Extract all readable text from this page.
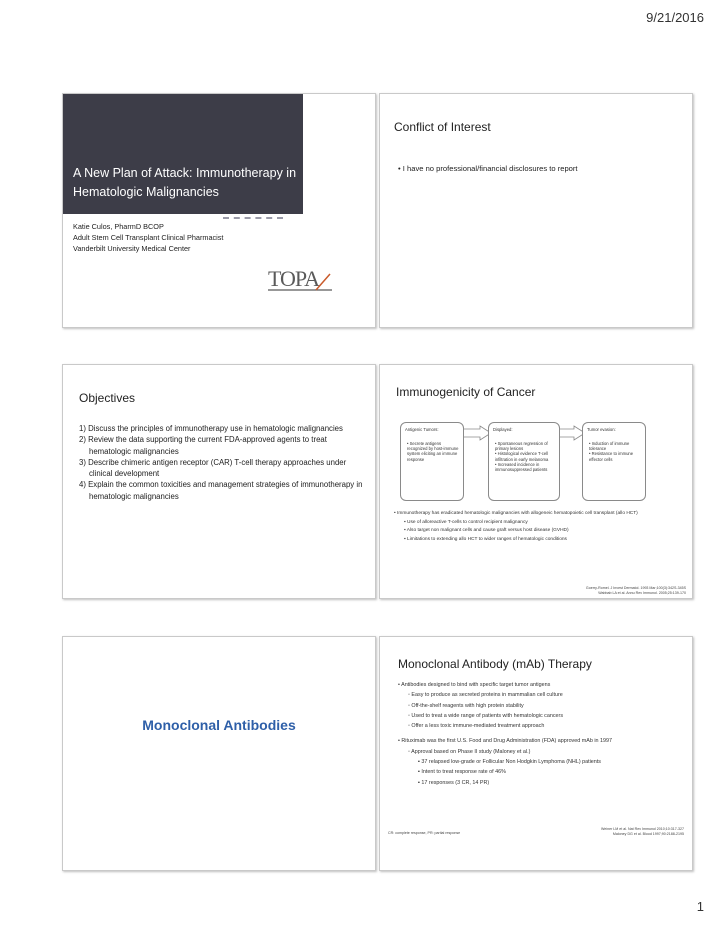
9/21/2016
A New Plan of Attack: Immunotherapy in Hematologic Malignancies
Katie Culos, PharmD BCOP
Adult Stem Cell Transplant Clinical Pharmacist
Vanderbilt University Medical Center
TOPA
Conflict of Interest
• I have no professional/financial disclosures to report
Objectives
1) Discuss the principles of immunotherapy use in hematologic malignancies
2) Review the data supporting the current FDA-approved agents to treat hematologic malignancies
3) Describe chimeric antigen receptor (CAR) T-cell therapy approaches under clinical development
4) Explain the common toxicities and management strategies of immunotherapy in hematologic malignancies
Immunogenicity of Cancer
Antigenic Tumors:
• Secrete antigens recognized by host-immune system eliciting an immune response
Displayed:
• Spontaneous regression of primary lesions
• Histological evidence T-cell infiltration in early melanoma
• Increased incidence in immunosuppressed patients
Tumor evasion:
• Induction of immune tolerance
• Resistance to immune effector cells
• Immunotherapy has eradicated hematologic malignancies with allogeneic hematopoietic cell transplant (allo HCT)
▪ Use of alloreactive T-cells to control recipient malignancy
▪ Also target non malignant cells and cause graft versus host disease (GVHD)
▪ Limitations to extending allo HCT to wider ranges of hematologic conditions
Goerry-Romel. J Invest Dermatol. 1993 Mar;100(3):342S-345S
Wabbab LA et al. Annu Rev Immunol. 2005;25:139-170
Monoclonal Antibodies
Monoclonal Antibody (mAb) Therapy
• Antibodies designed to bind with specific target tumor antigens
◦ Easy to produce as secreted proteins in mammalian cell culture
◦ Off-the-shelf reagents with high protein stability
◦ Used to treat a wide range of patients with hematologic cancers
◦ Offer a less toxic immune-mediated treatment approach
• Rituximab was the first U.S. Food and Drug Administration (FDA) approved mAb in 1997
◦ Approval based on Phase II study (Maloney et al.)
▪ 37 relapsed low-grade or Follicular Non Hodgkin Lymphoma (NHL) patients
▪ Intent to treat response rate of 46%
▪ 17 responses (3 CR, 14 PR)
CR: complete response, PR: partial response
Weiner LM et al. Nat Rev Immunol 2010;10:317-327
Maloney DG et al. Blood 1997;90:2188-2195
1
